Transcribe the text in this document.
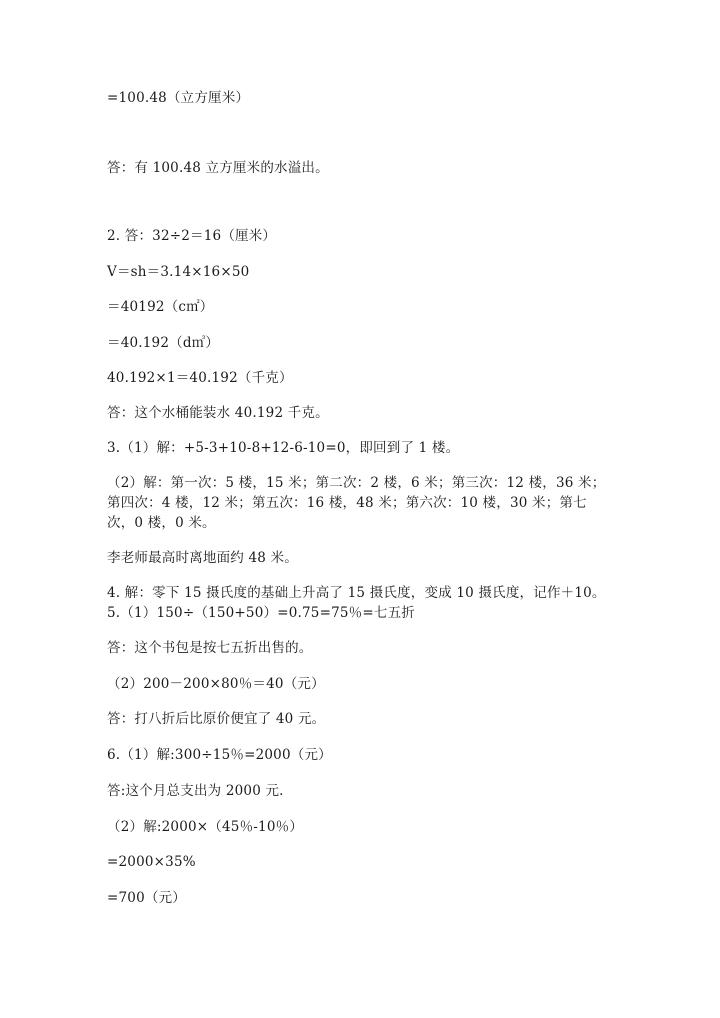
=100.48（立方厘米）
答：有 100.48 立方厘米的水溢出。
2. 答：32÷2＝16（厘米）
V＝sh＝3.14×16×50
＝40192（c㎡）
＝40.192（d㎥）
40.192×1＝40.192（千克）
答：这个水桶能装水 40.192 千克。
3.（1）解：+5-3+10-8+12-6-10=0，即回到了 1 楼。
（2）解：第一次：5 楼，15 米；第二次：2 楼，6 米；第三次：12 楼，36 米；
第四次：4 楼，12 米；第五次：16 楼，48 米；第六次：10 楼，30 米；第七
次，0 楼，0 米。
李老师最高时离地面约 48 米。
4. 解：零下 15 摄氏度的基础上升高了 15 摄氏度，变成 10 摄氏度，记作＋10。
5.（1）150÷（150+50）=0.75=75％=七五折
答：这个书包是按七五折出售的。
（2）200－200×80％＝40（元）
答：打八折后比原价便宜了 40 元。
6.（1）解:300÷15％=2000（元）
答:这个月总支出为 2000 元.
（2）解:2000×（45％-10％）
=2000×35%
=700（元）
